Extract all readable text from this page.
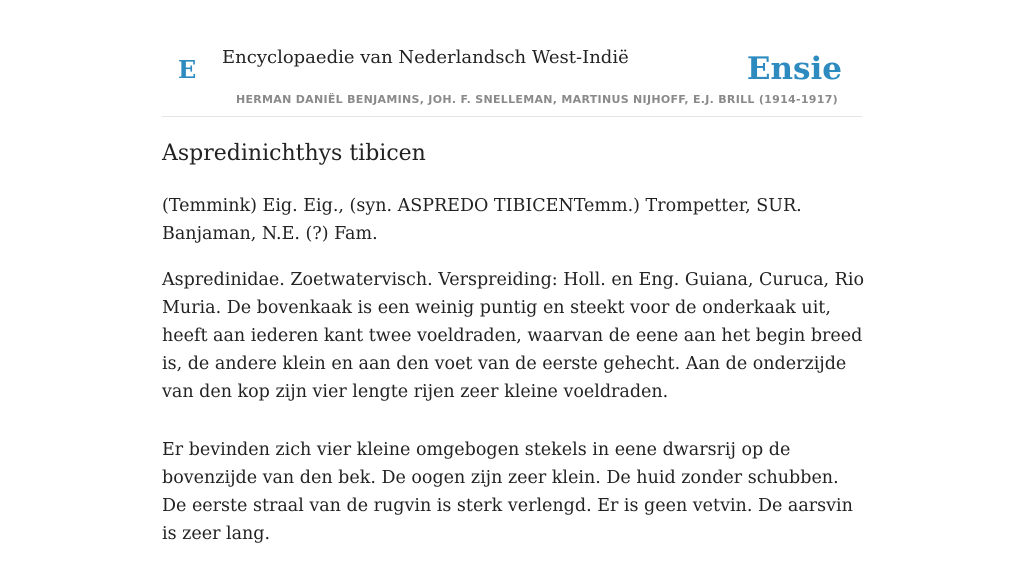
E Encyclopaedie van Nederlandsch West-Indië	Ensie
HERMAN DANIËL BENJAMINS, JOH. F. SNELLEMAN, MARTINUS NIJHOFF, E.J. BRILL (1914-1917)
Aspredinichthys tibicen

(Temmink) Eig. Eig., (syn. ASPREDO TIBICENTemm.) Trompetter, SUR. Banjaman, N.E. (?) Fam.

Aspredinidae. Zoetwatervisch. Verspreiding: Holl. en Eng. Guiana, Curuca, Rio Muria. De bovenkaak is een weinig puntig en steekt voor de onderkaak uit, heeft aan iederen kant twee voeldraden, waarvan de eene aan het begin breed is, de andere klein en aan den voet van de eerste gehecht. Aan de onderzijde van den kop zijn vier lengte rijen zeer kleine voeldraden.

Er bevinden zich vier kleine omgebogen stekels in eene dwarsrij op de bovenzijde van den bek. De oogen zijn zeer klein. De huid zonder schubben. De eerste straal van de rugvin is sterk verlengd. Er is geen vetvin. De aarsvin is zeer lang.
